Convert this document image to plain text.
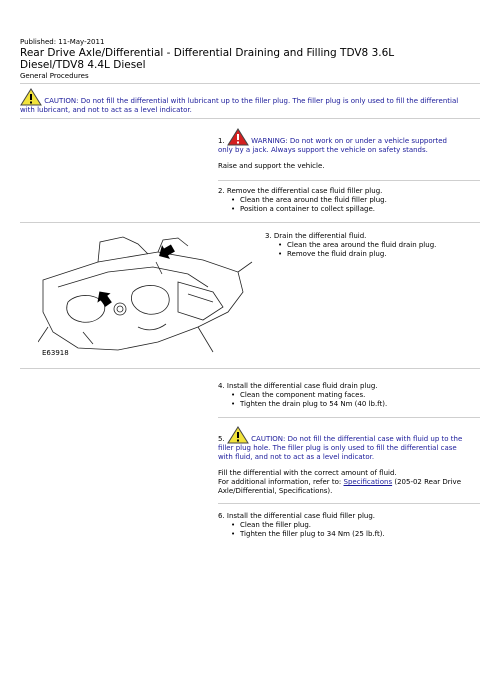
Published: 11-May-2011
Rear Drive Axle/Differential - Differential Draining and Filling TDV8 3.6L
Diesel/TDV8 4.4L Diesel
General Procedures
CAUTION: Do not fill the differential with lubricant up to the filler plug. The filler plug is only used to fill the differential with lubricant, and not to act as a level indicator.
1.	WARNING: Do not work on or under a vehicle supported only by a jack. Always support the vehicle on safety stands.
Raise and support the vehicle.
2. Remove the differential case fluid filler plug.
• Clean the area around the fluid filler plug.
• Position a container to collect spillage.
E63918
3. Drain the differential fluid.
• Clean the area around the fluid drain plug.
• Remove the fluid drain plug.
4. Install the differential case fluid drain plug.
• Clean the component mating faces.
• Tighten the drain plug to 54 Nm (40 lb.ft).
5.	CAUTION: Do not fill the differential case with fluid up to the filler plug hole. The filler plug is only used to fill the differential case with fluid, and not to act as a level indicator.
Fill the differential with the correct amount of fluid.
For additional information, refer to: Specifications (205-02 Rear Drive Axle/Differential, Specifications).
6. Install the differential case fluid filler plug.
• Clean the filler plug.
• Tighten the filler plug to 34 Nm (25 lb.ft).
